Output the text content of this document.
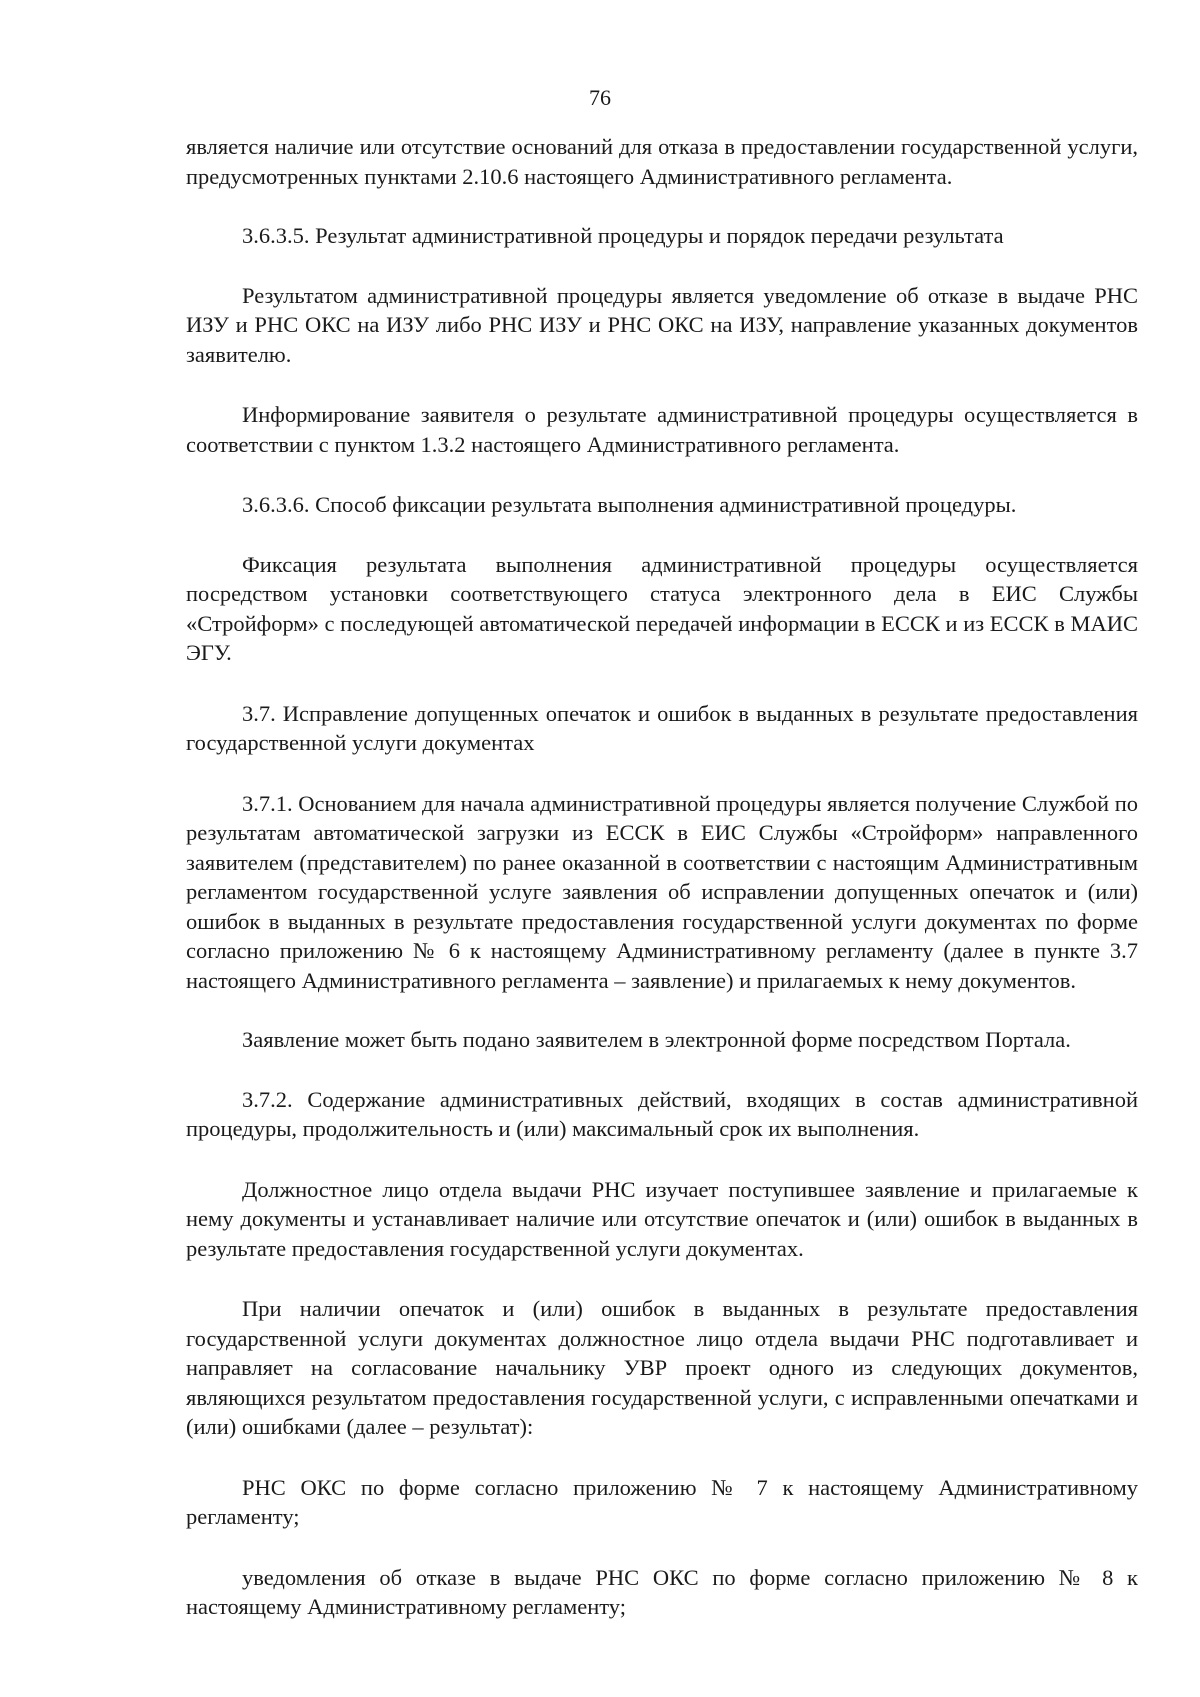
76

является наличие или отсутствие оснований для отказа в предоставлении государственной услуги, предусмотренных пунктами 2.10.6 настоящего Административного регламента.

3.6.3.5. Результат административной процедуры и порядок передачи результата

Результатом административной процедуры является уведомление об отказе в выдаче РНС ИЗУ и РНС ОКС на ИЗУ либо РНС ИЗУ и РНС ОКС на ИЗУ, направление указанных документов заявителю.

Информирование заявителя о результате административной процедуры осуществляется в соответствии с пунктом 1.3.2 настоящего Административного регламента.

3.6.3.6. Способ фиксации результата выполнения административной процедуры.

Фиксация результата выполнения административной процедуры осуществляется посредством установки соответствующего статуса электронного дела в ЕИС Службы «Стройформ» с последующей автоматической передачей информации в ЕССК и из ЕССК в МАИС ЭГУ.

3.7. Исправление допущенных опечаток и ошибок в выданных в результате предоставления государственной услуги документах

3.7.1. Основанием для начала административной процедуры является получение Службой по результатам автоматической загрузки из ЕССК в ЕИС Службы «Стройформ» направленного заявителем (представителем) по ранее оказанной в соответствии с настоящим Административным регламентом государственной услуге заявления об исправлении допущенных опечаток и (или) ошибок в выданных в результате предоставления государственной услуги документах по форме согласно приложению № 6 к настоящему Административному регламенту (далее в пункте 3.7 настоящего Административного регламента – заявление) и прилагаемых к нему документов.

Заявление может быть подано заявителем в электронной форме посредством Портала.

3.7.2. Содержание административных действий, входящих в состав административной процедуры, продолжительность и (или) максимальный срок их выполнения.

Должностное лицо отдела выдачи РНС изучает поступившее заявление и прилагаемые к нему документы и устанавливает наличие или отсутствие опечаток и (или) ошибок в выданных в результате предоставления государственной услуги документах.

При наличии опечаток и (или) ошибок в выданных в результате предоставления государственной услуги документах должностное лицо отдела выдачи РНС подготавливает и направляет на согласование начальнику УВР проект одного из следующих документов, являющихся результатом предоставления государственной услуги, с исправленными опечатками и (или) ошибками (далее – результат):

РНС ОКС по форме согласно приложению № 7 к настоящему Административному регламенту;

уведомления об отказе в выдаче РНС ОКС по форме согласно приложению № 8 к настоящему Административному регламенту;
